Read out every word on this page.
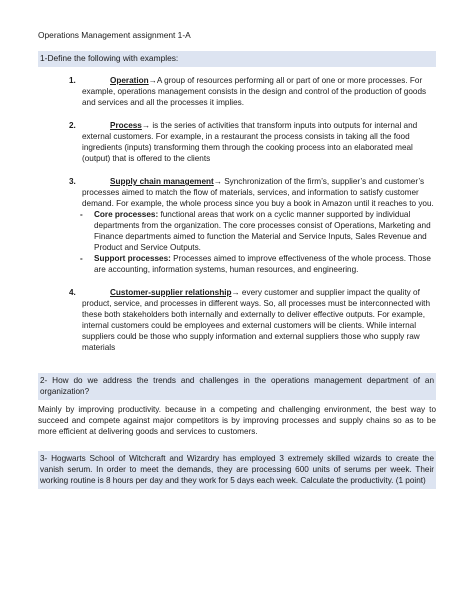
Operations Management assignment 1-A
1-Define the following with examples:
1.	Operation→A group of resources performing all or part of one or more processes. For example, operations management consists in the design and control of the production of goods and services and all the processes it implies.
2.	Process→ is the series of activities that transform inputs into outputs for internal and external customers. For example, in a restaurant the process consists in taking all the food ingredients (inputs) transforming them through the cooking process into an elaborated meal (output) that is offered to the clients
3.	Supply chain management→ Synchronization of the firm’s, supplier’s and customer’s processes aimed to match the flow of materials, services, and information to satisfy customer demand. For example, the whole process since you buy a book in Amazon until it reaches to you.
- Core processes: functional areas that work on a cyclic manner supported by individual departments from the organization. The core processes consist of Operations, Marketing and Finance departments aimed to function the Material and Service Inputs, Sales Revenue and Product and Service Outputs.
- Support processes: Processes aimed to improve effectiveness of the whole process. Those are accounting, information systems, human resources, and engineering.
4.	Customer-supplier relationship→ every customer and supplier impact the quality of product, service, and processes in different ways. So, all processes must be interconnected with these both stakeholders both internally and externally to deliver effective outputs. For example, internal customers could be employees and external customers will be clients. While internal suppliers could be those who supply information and external suppliers those who supply raw materials
2- How do we address the trends and challenges in the operations management department of an organization?

Mainly by improving productivity. because in a competing and challenging environment, the best way to succeed and compete against major competitors is by improving processes and supply chains so as to be more efficient at delivering goods and services to customers.

3- Hogwarts School of Witchcraft and Wizardry has employed 3 extremely skilled wizards to create the vanish serum. In order to meet the demands, they are processing 600 units of serums per week. Their working routine is 8 hours per day and they work for 5 days each week. Calculate the productivity. (1 point)
